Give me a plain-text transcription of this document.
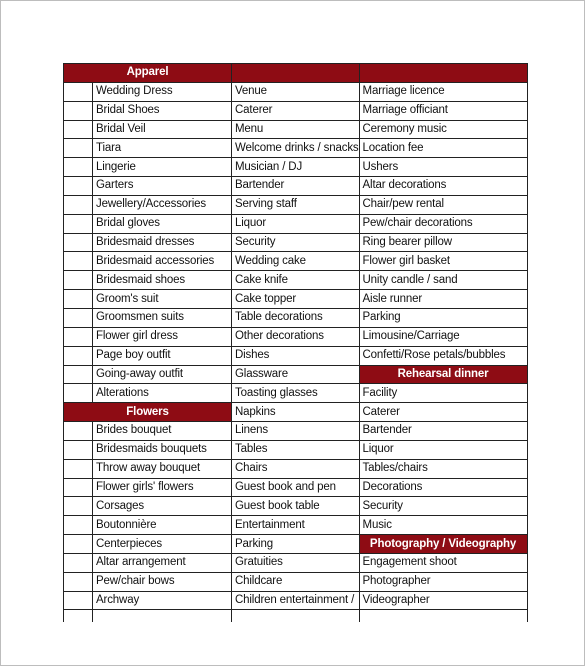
Apparel			
	Wedding Dress	Venue	Marriage licence
	Bridal Shoes	Caterer	Marriage officiant
	Bridal Veil	Menu	Ceremony music
	Tiara	Welcome drinks / snacks	Location fee
	Lingerie	Musician / DJ	Ushers
	Garters	Bartender	Altar decorations
	Jewellery/Accessories	Serving staff	Chair/pew rental
	Bridal gloves	Liquor	Pew/chair decorations
	Bridesmaid dresses	Security	Ring bearer pillow
	Bridesmaid accessories	Wedding cake	Flower girl basket
	Bridesmaid shoes	Cake knife	Unity candle / sand
	Groom's suit	Cake topper	Aisle runner
	Groomsmen suits	Table decorations	Parking
	Flower girl dress	Other decorations	Limousine/Carriage
	Page boy outfit	Dishes	Confetti/Rose petals/bubbles
	Going-away outfit	Glassware	Rehearsal dinner
	Alterations	Toasting glasses	Facility
Flowers		Napkins	Caterer
	Brides bouquet	Linens	Bartender
	Bridesmaids bouquets	Tables	Liquor
	Throw away bouquet	Chairs	Tables/chairs
	Flower girls' flowers	Guest book and pen	Decorations
	Corsages	Guest book table	Security
	Boutonnière	Entertainment	Music
	Centerpieces	Parking	Photography / Videography
	Altar arrangement	Gratuities	Engagement shoot
	Pew/chair bows	Childcare	Photographer
	Archway	Children entertainment /	Videographer
